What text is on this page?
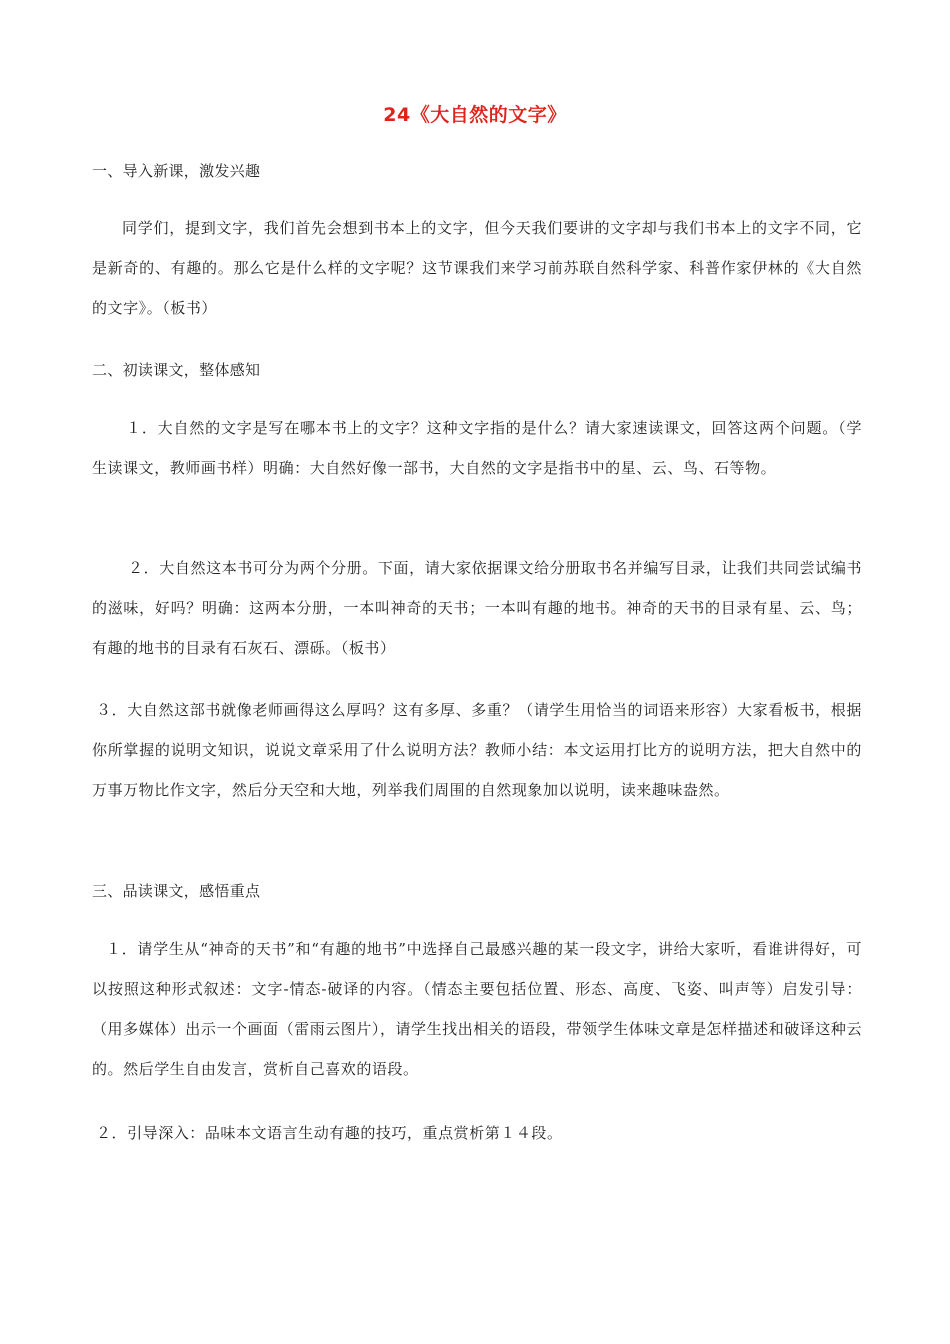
24《大自然的文字》
一、导入新课，激发兴趣

同学们，提到文字，我们首先会想到书本上的文字，但今天我们要讲的文字却与我们书本上的文字不同，它是新奇的、有趣的。那么它是什么样的文字呢？这节课我们来学习前苏联自然科学家、科普作家伊林的《大自然的文字》。（板书）

二、初读课文，整体感知

１．大自然的文字是写在哪本书上的文字？这种文字指的是什么？请大家速读课文，回答这两个问题。（学生读课文，教师画书样）明确：大自然好像一部书，大自然的文字是指书中的星、云、鸟、石等物。

２．大自然这本书可分为两个分册。下面，请大家依据课文给分册取书名并编写目录，让我们共同尝试编书的滋味，好吗？明确：这两本分册，一本叫神奇的天书；一本叫有趣的地书。神奇的天书的目录有星、云、鸟；有趣的地书的目录有石灰石、漂砾。（板书）

３．大自然这部书就像老师画得这么厚吗？这有多厚、多重？（请学生用恰当的词语来形容）大家看板书，根据你所掌握的说明文知识，说说文章采用了什么说明方法？教师小结：本文运用打比方的说明方法，把大自然中的万事万物比作文字，然后分天空和大地，列举我们周围的自然现象加以说明，读来趣味盎然。

三、品读课文，感悟重点

１．请学生从“神奇的天书”和“有趣的地书”中选择自己最感兴趣的某一段文字，讲给大家听，看谁讲得好，可以按照这种形式叙述：文字-情态-破译的内容。（情态主要包括位置、形态、高度、飞姿、叫声等）启发引导：（用多媒体）出示一个画面（雷雨云图片），请学生找出相关的语段，带领学生体味文章是怎样描述和破译这种云的。然后学生自由发言，赏析自己喜欢的语段。

２．引导深入：品味本文语言生动有趣的技巧，重点赏析第１４段。
